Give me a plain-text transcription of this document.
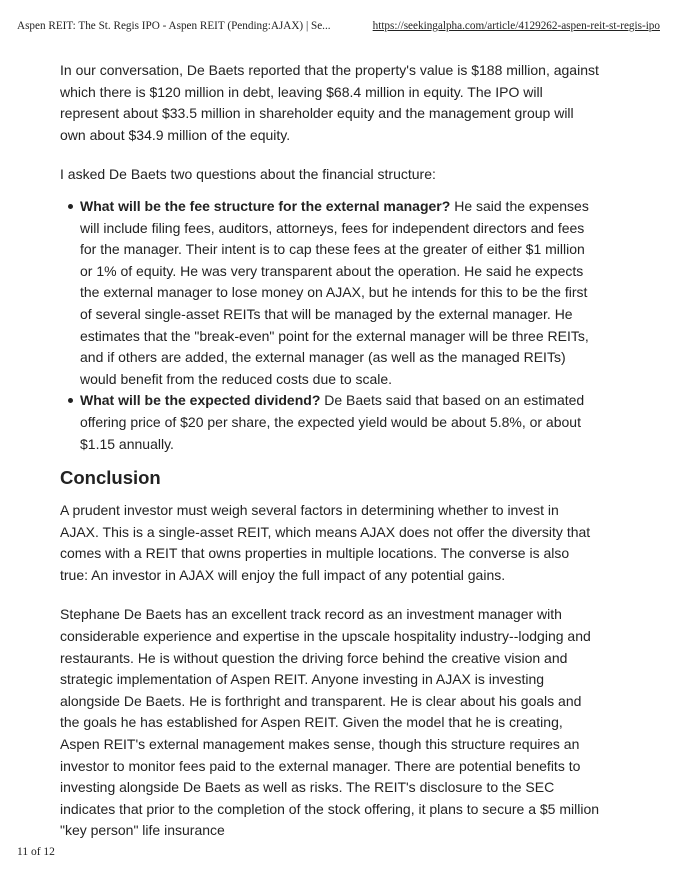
Aspen REIT: The St. Regis IPO - Aspen REIT (Pending:AJAX) | Se...	https://seekingalpha.com/article/4129262-aspen-reit-st-regis-ipo

In our conversation, De Baets reported that the property's value is $188 million, against which there is $120 million in debt, leaving $68.4 million in equity. The IPO will represent about $33.5 million in shareholder equity and the management group will own about $34.9 million of the equity.

I asked De Baets two questions about the financial structure:

What will be the fee structure for the external manager? He said the expenses will include filing fees, auditors, attorneys, fees for independent directors and fees for the manager. Their intent is to cap these fees at the greater of either $1 million or 1% of equity. He was very transparent about the operation. He said he expects the external manager to lose money on AJAX, but he intends for this to be the first of several single-asset REITs that will be managed by the external manager. He estimates that the "break-even" point for the external manager will be three REITs, and if others are added, the external manager (as well as the managed REITs) would benefit from the reduced costs due to scale.
What will be the expected dividend? De Baets said that based on an estimated offering price of $20 per share, the expected yield would be about 5.8%, or about $1.15 annually.
Conclusion

A prudent investor must weigh several factors in determining whether to invest in AJAX. This is a single-asset REIT, which means AJAX does not offer the diversity that comes with a REIT that owns properties in multiple locations. The converse is also true: An investor in AJAX will enjoy the full impact of any potential gains.

Stephane De Baets has an excellent track record as an investment manager with considerable experience and expertise in the upscale hospitality industry--lodging and restaurants. He is without question the driving force behind the creative vision and strategic implementation of Aspen REIT. Anyone investing in AJAX is investing alongside De Baets. He is forthright and transparent. He is clear about his goals and the goals he has established for Aspen REIT. Given the model that he is creating, Aspen REIT's external management makes sense, though this structure requires an investor to monitor fees paid to the external manager. There are potential benefits to investing alongside De Baets as well as risks. The REIT's disclosure to the SEC indicates that prior to the completion of the stock offering, it plans to secure a $5 million "key person" life insurance

11 of 12
